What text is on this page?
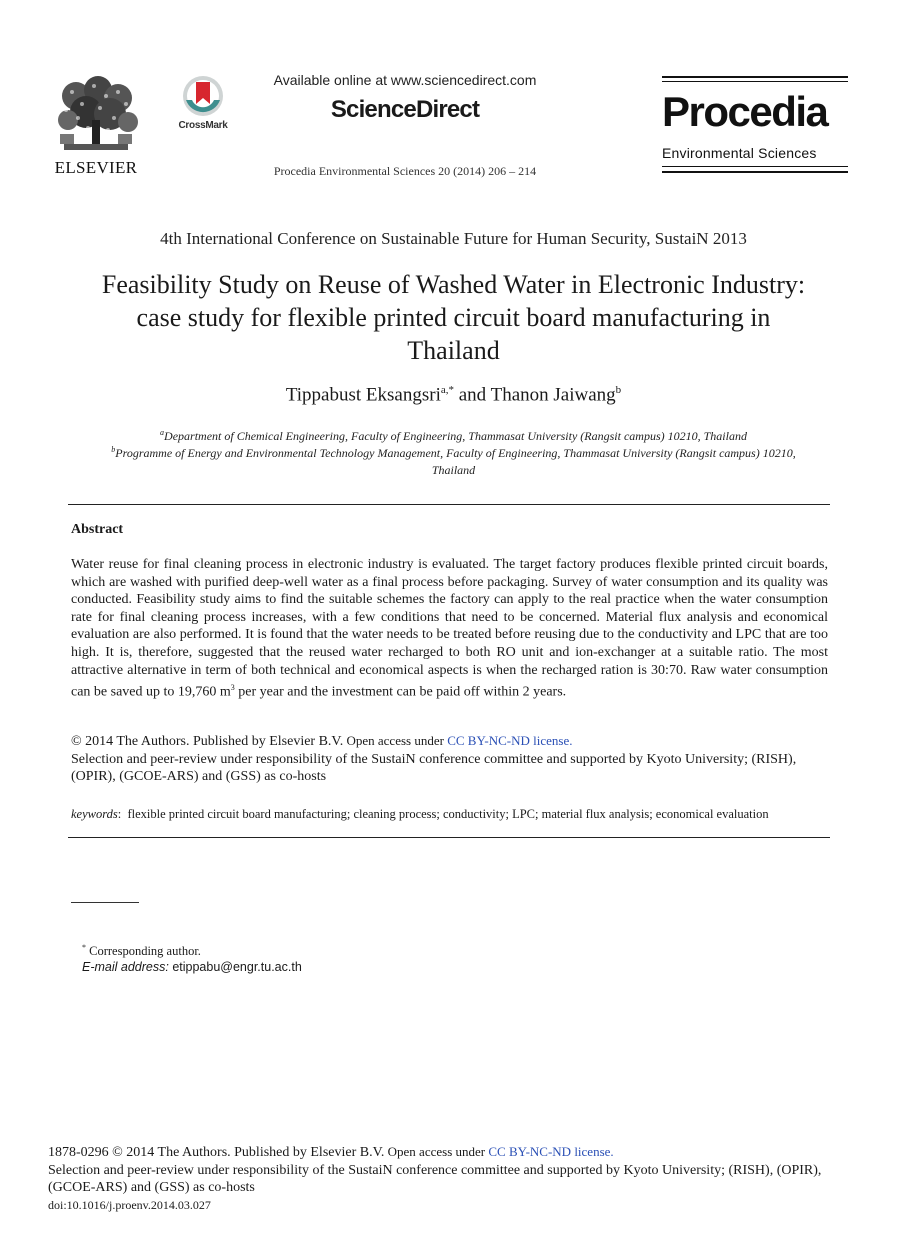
ELSEVIER
CrossMark
Available online at www.sciencedirect.com
ScienceDirect
Procedia Environmental Sciences 20 (2014) 206 – 214
Procedia
Environmental Sciences
4th International Conference on Sustainable Future for Human Security, SustaiN 2013
Feasibility Study on Reuse of Washed Water in Electronic Industry:
case study for flexible printed circuit board manufacturing in
Thailand
Tippabust Eksangsri$^{a,*}$ and Thanon Jaiwang$^b$
$^a$Department of Chemical Engineering, Faculty of Engineering, Thammasat University (Rangsit campus) 10210, Thailand
$^b$Programme of Energy and Environmental Technology Management, Faculty of Engineering, Thammasat University (Rangsit campus) 10210,
Thailand
Abstract
Water reuse for final cleaning process in electronic industry is evaluated. The target factory produces flexible printed circuit boards, which are washed with purified deep-well water as a final process before packaging. Survey of water consumption and its quality was conducted. Feasibility study aims to find the suitable schemes the factory can apply to the real practice when the water consumption rate for final cleaning process increases, with a few conditions that need to be concerned. Material flux analysis and economical evaluation are also performed. It is found that the water needs to be treated before reusing due to the conductivity and LPC that are too high. It is, therefore, suggested that the reused water recharged to both RO unit and ion-exchanger at a suitable ratio. The most attractive alternative in term of both technical and economical aspects is when the recharged ration is 30:70. Raw water consumption can be saved up to 19,760 $m^3$ per year and the investment can be paid off within 2 years.
© 2014 The Authors. Published by Elsevier B.V. Open access under CC BY-NC-ND license.
Selection and peer-review under responsibility of the SustaiN conference committee and supported by Kyoto University; (RISH), (OPIR), (GCOE-ARS) and (GSS) as co-hosts
keywords:  flexible printed circuit board manufacturing; cleaning process; conductivity; LPC; material flux analysis; economical evaluation
* Corresponding author.
E-mail address: etippabu@engr.tu.ac.th
1878-0296 © 2014 The Authors. Published by Elsevier B.V. Open access under CC BY-NC-ND license.
Selection and peer-review under responsibility of the SustaiN conference committee and supported by Kyoto University; (RISH), (OPIR), (GCOE-ARS) and (GSS) as co-hosts
doi:10.1016/j.proenv.2014.03.027
